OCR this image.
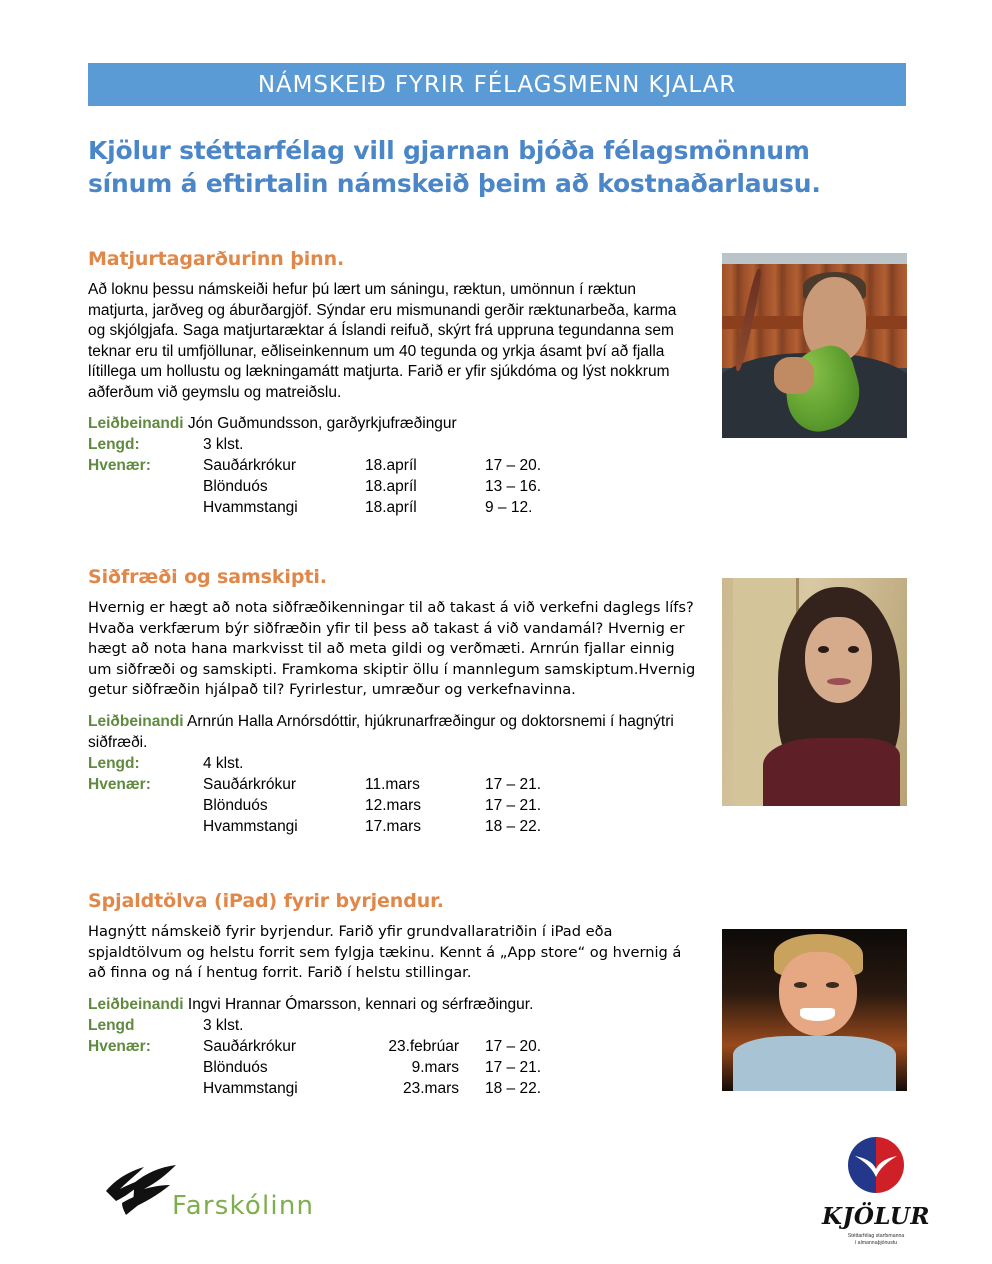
NÁMSKEIÐ FYRIR FÉLAGSMENN KJALAR
Kjölur stéttarfélag vill gjarnan bjóða félagsmönnum sínum á eftirtalin námskeið þeim að kostnaðarlausu.
Matjurtagarðurinn þinn.

Að loknu þessu námskeiði hefur þú lært um sáningu, ræktun, umönnun í ræktun matjurta, jarðveg og áburðargjöf. Sýndar eru mismunandi gerðir ræktunarbeða, karma og skjólgjafa. Saga matjurtaræktar á Íslandi reifuð, skýrt frá uppruna tegundanna sem teknar eru til umfjöllunar, eðliseinkennum um 40 tegunda og yrkja ásamt því að fjalla lítillega um hollustu og lækningamátt matjurta. Farið er yfir sjúkdóma og lýst nokkrum aðferðum við geymslu og matreiðslu.

Leiðbeinandi Jón Guðmundsson, garðyrkjufræðingur
Lengd:	3 klst.
Hvenær:	Sauðárkrókur	18.apríl	17 – 20.
Blönduós	18.apríl	13 – 16.
Hvammstangi	18.apríl	9 – 12.
Siðfræði og samskipti.

Hvernig er hægt að nota siðfræðikenningar til að takast á við verkefni daglegs lífs? Hvaða verkfærum býr siðfræðin yfir til þess að takast á við vandamál? Hvernig er hægt að nota hana markvisst til að meta gildi og verðmæti. Arnrún fjallar einnig um siðfræði og samskipti. Framkoma skiptir öllu í mannlegum samskiptum.Hvernig getur siðfræðin hjálpað til? Fyrirlestur, umræður og verkefnavinna.

Leiðbeinandi Arnrún Halla Arnórsdóttir, hjúkrunarfræðingur og doktorsnemi í hagnýtri siðfræði.
Lengd:	4 klst.
Hvenær:	Sauðárkrókur	11.mars	17 – 21.
Blönduós	12.mars	17 – 21.
Hvammstangi	17.mars	18 – 22.
Spjaldtölva (iPad) fyrir byrjendur.

Hagnýtt námskeið fyrir byrjendur. Farið yfir grundvallaratriðin í iPad eða spjaldtölvum og helstu forrit sem fylgja tækinu. Kennt á „App store“ og hvernig á að finna og ná í hentug forrit. Farið í helstu stillingar.

Leiðbeinandi Ingvi Hrannar Ómarsson, kennari og sérfræðingur.
Lengd	3 klst.
Hvenær:	Sauðárkrókur	23.febrúar	17 – 20.
Blönduós	9.mars	17 – 21.
Hvammstangi	23.mars	18 – 22.
Farskólinn	KJÖLUR
Stéttarfélag starfsmanna
í almannaþjónustu
